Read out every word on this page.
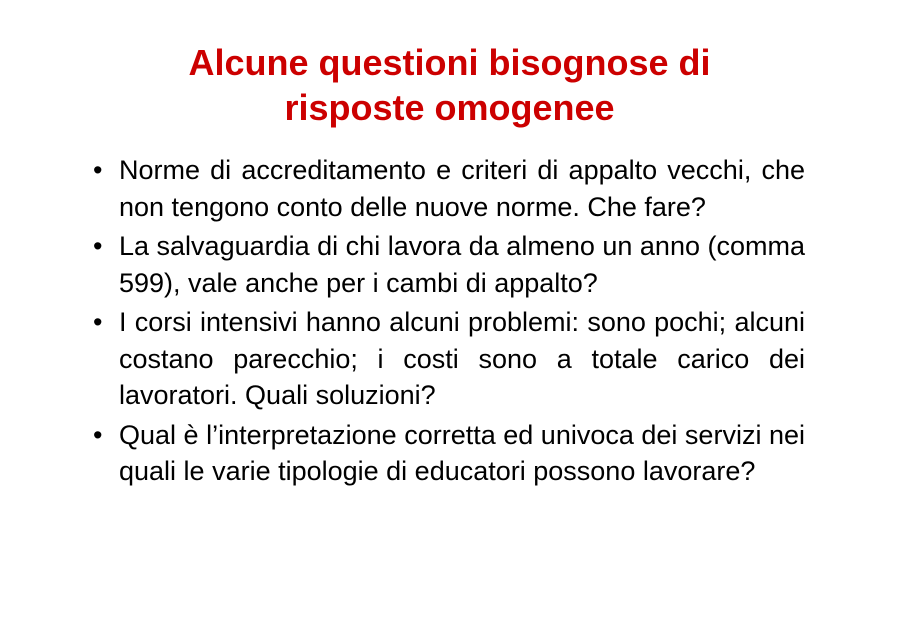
Alcune questioni bisognose di
risposte omogenee
• Norme di accreditamento e criteri di appalto vecchi, che non tengono conto delle nuove norme. Che fare?
• La salvaguardia di chi lavora da almeno un anno (comma 599), vale anche per i cambi di appalto?
• I corsi intensivi hanno alcuni problemi: sono pochi; alcuni costano parecchio; i costi sono a totale carico dei lavoratori. Quali soluzioni?
• Qual è l’interpretazione corretta ed univoca dei servizi nei quali le varie tipologie di educatori possono lavorare?
